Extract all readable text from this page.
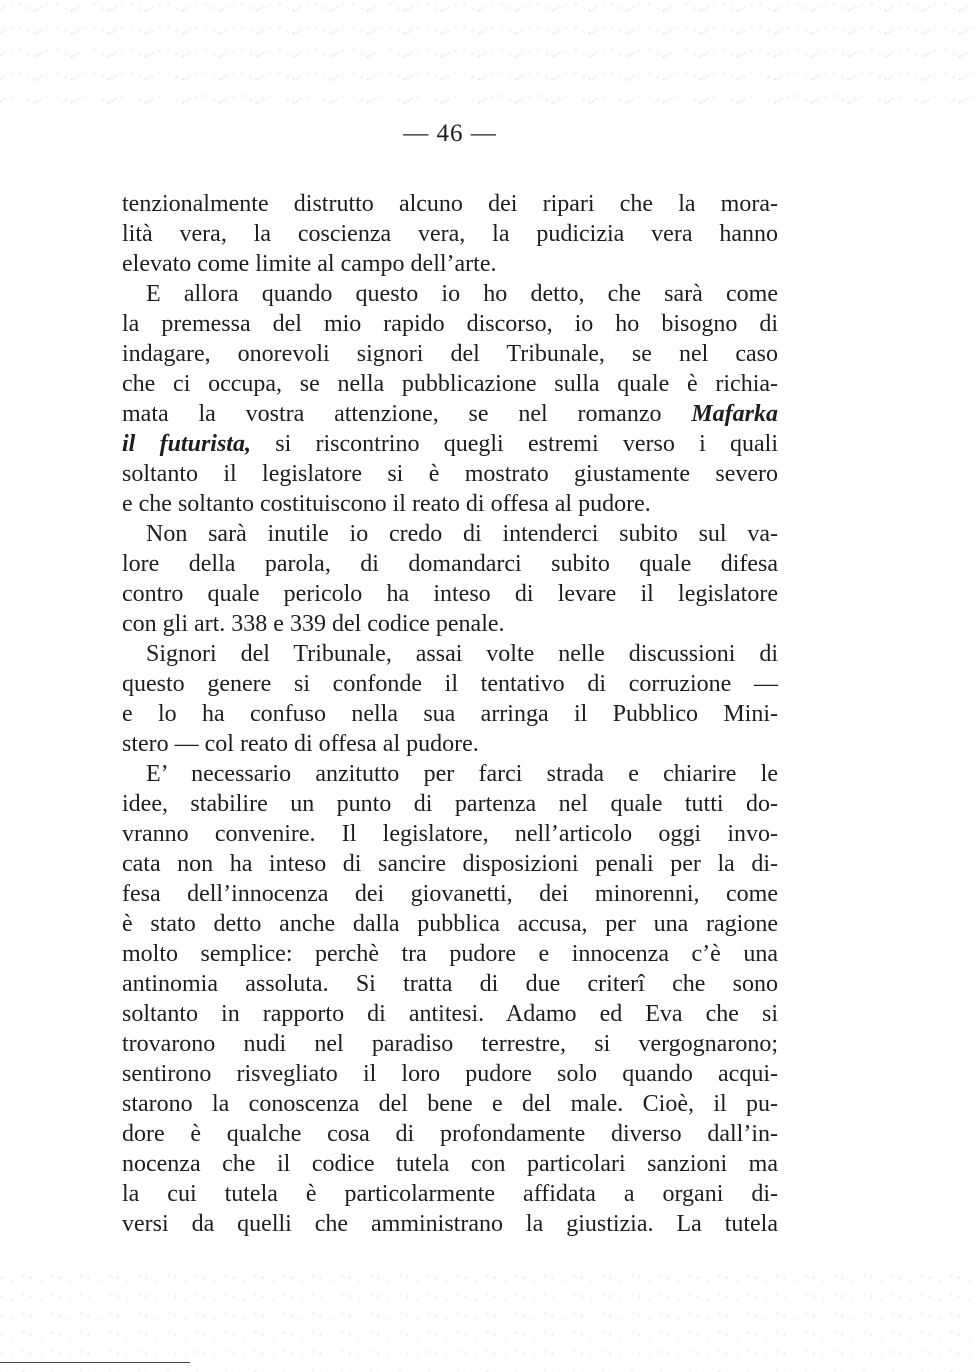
— 46 —
tenzionalmente distrutto alcuno dei ripari che la mora-
lità vera, la coscienza vera, la pudicizia vera hanno
elevato come limite al campo dell’arte.
E allora quando questo io ho detto, che sarà come
la premessa del mio rapido discorso, io ho bisogno di
indagare, onorevoli signori del Tribunale, se nel caso
che ci occupa, se nella pubblicazione sulla quale è richia-
mata la vostra attenzione, se nel romanzo Mafarka
il futurista, si riscontrino quegli estremi verso i quali
soltanto il legislatore si è mostrato giustamente severo
e che soltanto costituiscono il reato di offesa al pudore.
Non sarà inutile io credo di intenderci subito sul va-
lore della parola, di domandarci subito quale difesa
contro quale pericolo ha inteso di levare il legislatore
con gli art. 338 e 339 del codice penale.
Signori del Tribunale, assai volte nelle discussioni di
questo genere si confonde il tentativo di corruzione —
e lo ha confuso nella sua arringa il Pubblico Mini-
stero — col reato di offesa al pudore.
E’ necessario anzitutto per farci strada e chiarire le
idee, stabilire un punto di partenza nel quale tutti do-
vranno convenire. Il legislatore, nell’articolo oggi invo-
cata non ha inteso di sancire disposizioni penali per la di-
fesa dell’innocenza dei giovanetti, dei minorenni, come
è stato detto anche dalla pubblica accusa, per una ragione
molto semplice: perchè tra pudore e innocenza c’è una
antinomia assoluta. Si tratta di due criterî che sono
soltanto in rapporto di antitesi. Adamo ed Eva che si
trovarono nudi nel paradiso terrestre, si vergognarono;
sentirono risvegliato il loro pudore solo quando acqui-
starono la conoscenza del bene e del male. Cioè, il pu-
dore è qualche cosa di profondamente diverso dall’in-
nocenza che il codice tutela con particolari sanzioni ma
la cui tutela è particolarmente affidata a organi di-
versi da quelli che amministrano la giustizia. La tutela
